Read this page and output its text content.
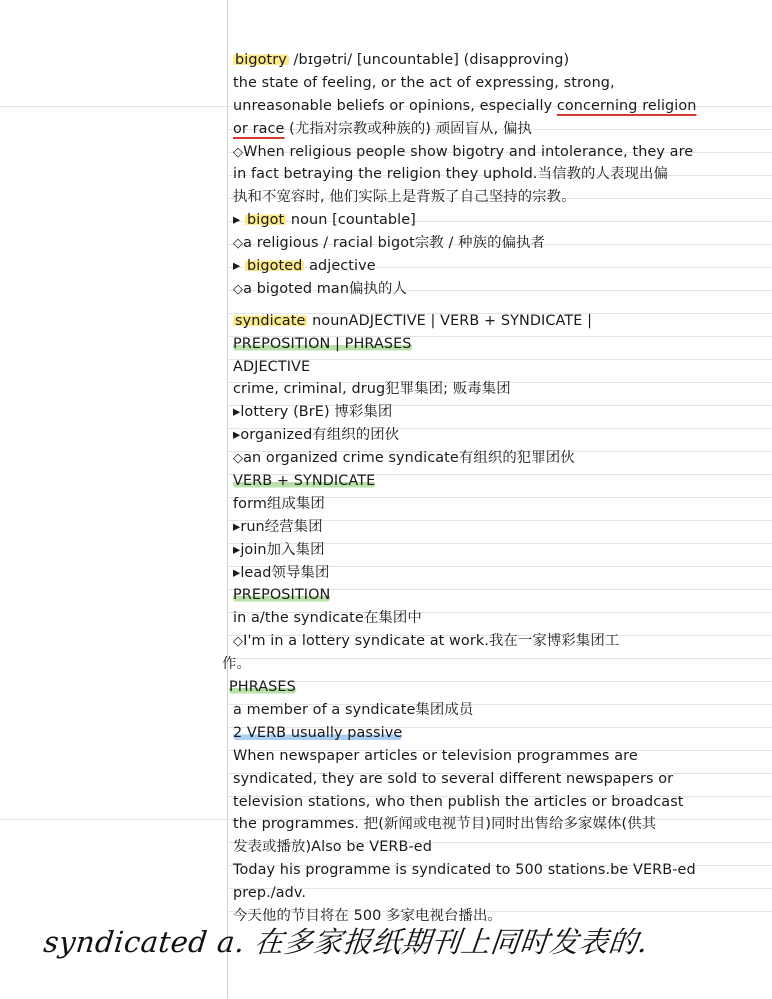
bigotry /bɪɡətri/ [uncountable] (disapproving)
the state of feeling, or the act of expressing, strong,
unreasonable beliefs or opinions, especially concerning religion
or race (尤指对宗教或种族的) 顽固盲从, 偏执
◇When religious people show bigotry and intolerance, they are
in fact betraying the religion they uphold.当信教的人表现出偏
执和不宽容时, 他们实际上是背叛了自己坚持的宗教。
▸ bigot noun [countable]
◇a religious / racial bigot宗教 / 种族的偏执者
▸ bigoted adjective
◇a bigoted man偏执的人
syndicate nounADJECTIVE | VERB + SYNDICATE |
PREPOSITION | PHRASES
ADJECTIVE
crime, criminal, drug犯罪集团; 贩毒集团
▸lottery (BrE) 博彩集团
▸organized有组织的团伙
◇an organized crime syndicate有组织的犯罪团伙
VERB + SYNDICATE
form组成集团
▸run经营集团
▸join加入集团
▸lead领导集团
PREPOSITION
in a/the syndicate在集团中
◇I'm in a lottery syndicate at work.我在一家博彩集团工
作。
PHRASES
a member of a syndicate集团成员
2 VERB usually passive
When newspaper articles or television programmes are
syndicated, they are sold to several different newspapers or
television stations, who then publish the articles or broadcast
the programmes. 把(新闻或电视节目)同时出售给多家媒体(供其
发表或播放)Also be VERB-ed
Today his programme is syndicated to 500 stations.be VERB-ed
prep./adv.
今天他的节目将在 500 多家电视台播出。
syndicated a. 在多家报纸期刊上同时发表的.
